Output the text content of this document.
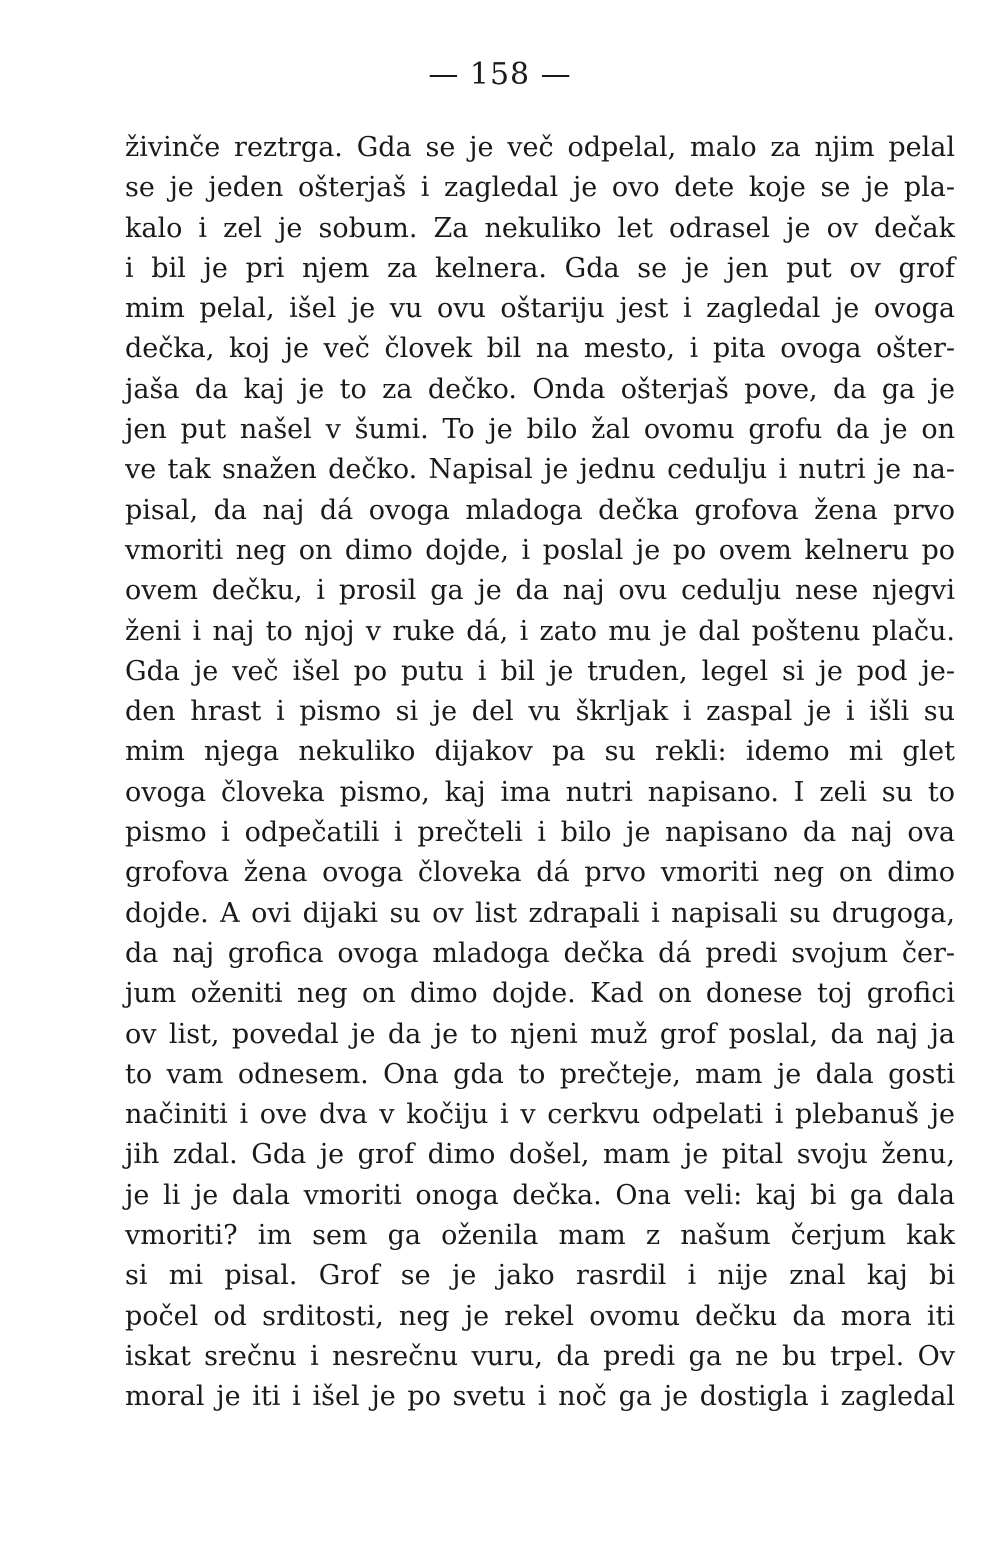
— 158 —
živinče reztrga. Gda se je več odpelal, malo za njim pelal
se je jeden ošterjaš i zagledal je ovo dete koje se je pla-
kalo i zel je sobum. Za nekuliko let odrasel je ov dečak
i bil je pri njem za kelnera. Gda se je jen put ov grof
mim pelal, išel je vu ovu oštariju jest i zagledal je ovoga
dečka, koj je več človek bil na mesto, i pita ovoga ošter-
jaša da kaj je to za dečko. Onda ošterjaš pove, da ga je
jen put našel v šumi. To je bilo žal ovomu grofu da je on
ve tak snažen dečko. Napisal je jednu cedulju i nutri je na-
pisal, da naj dá ovoga mladoga dečka grofova žena prvo
vmoriti neg on dimo dojde, i poslal je po ovem kelneru po
ovem dečku, i prosil ga je da naj ovu cedulju nese njegvi
ženi i naj to njoj v ruke dá, i zato mu je dal poštenu plaču.
Gda je več išel po putu i bil je truden, legel si je pod je-
den hrast i pismo si je del vu škrljak i zaspal je i išli su
mim njega nekuliko dijakov pa su rekli: idemo mi glet
ovoga človeka pismo, kaj ima nutri napisano. I zeli su to
pismo i odpečatili i prečteli i bilo je napisano da naj ova
grofova žena ovoga človeka dá prvo vmoriti neg on dimo
dojde. A ovi dijaki su ov list zdrapali i napisali su drugoga,
da naj grofica ovoga mladoga dečka dá predi svojum čer-
jum oženiti neg on dimo dojde. Kad on donese toj grofici
ov list, povedal je da je to njeni muž grof poslal, da naj ja
to vam odnesem. Ona gda to prečteje, mam je dala gosti
načiniti i ove dva v kočiju i v cerkvu odpelati i plebanuš je
jih zdal. Gda je grof dimo došel, mam je pital svoju ženu,
je li je dala vmoriti onoga dečka. Ona veli: kaj bi ga dala
vmoriti? im sem ga oženila mam z našum čerjum kak
si mi pisal. Grof se je jako rasrdil i nije znal kaj bi
počel od srditosti, neg je rekel ovomu dečku da mora iti
iskat srečnu i nesrečnu vuru, da predi ga ne bu trpel. Ov
moral je iti i išel je po svetu i noč ga je dostigla i zagledal
